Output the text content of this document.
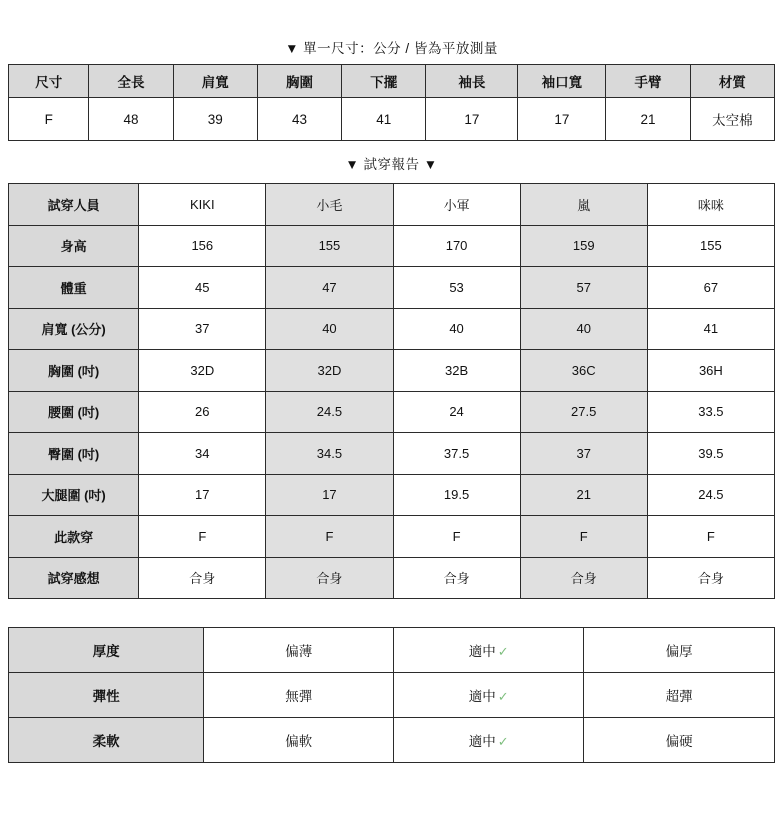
▼ 單一尺寸：公分 / 皆為平放測量
尺寸	全長	肩寬	胸圍	下擺	袖長	袖口寬	手臂	材質
F	48	39	43	41	17	17	21	太空棉
▼ 試穿報告 ▼
試穿人員	KIKI	小毛	小軍	嵐	咪咪
身高	156	155	170	159	155
體重	45	47	53	57	67
肩寬 (公分)	37	40	40	40	41
胸圍 (吋)	32D	32D	32B	36C	36H
腰圍 (吋)	26	24.5	24	27.5	33.5
臀圍 (吋)	34	34.5	37.5	37	39.5
大腿圍 (吋)	17	17	19.5	21	24.5
此款穿	F	F	F	F	F
試穿感想	合身	合身	合身	合身	合身
厚度	偏薄	適中 ✓	偏厚
彈性	無彈	適中 ✓	超彈
柔軟	偏軟	適中 ✓	偏硬
